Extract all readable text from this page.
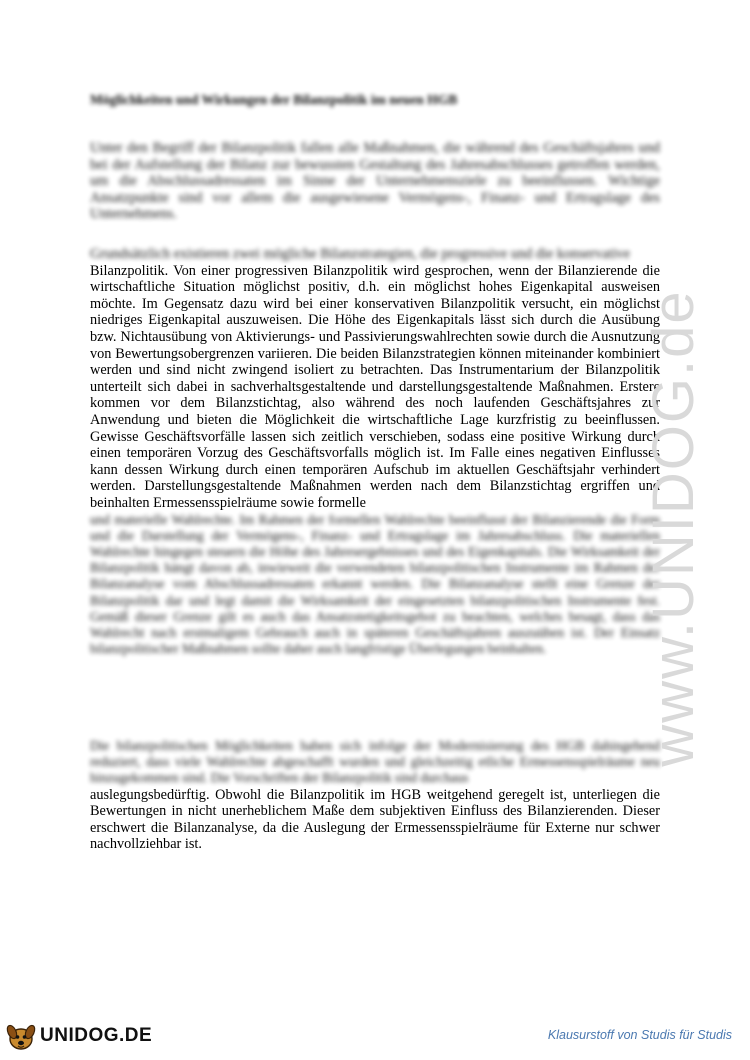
Möglichkeiten und Wirkungen der Bilanzpolitik im neuen HGB
Unter den Begriff der Bilanzpolitik fallen alle Maßnahmen, die während des Geschäftsjahres und bei der Aufstellung der Bilanz zur bewussten Gestaltung des Jahresabschlusses getroffen werden, um die Abschlussadressaten im Sinne der Unternehmensziele zu beeinflussen. Wichtige Ansatzpunkte sind vor allem die ausgewiesene Vermögens-, Finanz- und Ertragslage des Unternehmens.
Grundsätzlich existieren zwei mögliche Bilanzstrategien, die progressive und die konservative
Bilanzpolitik. Von einer progressiven Bilanzpolitik wird gesprochen, wenn der Bilanzierende die wirtschaftliche Situation möglichst positiv, d.h. ein möglichst hohes Eigenkapital ausweisen möchte. Im Gegensatz dazu wird bei einer konservativen Bilanzpolitik versucht, ein möglichst niedriges Eigenkapital auszuweisen. Die Höhe des Eigenkapitals lässt sich durch die Ausübung bzw. Nichtausübung von Aktivierungs- und Passivierungswahlrechten sowie durch die Ausnutzung von Bewertungsobergrenzen variieren. Die beiden Bilanzstrategien können miteinander kombiniert werden und sind nicht zwingend isoliert zu betrachten. Das Instrumentarium der Bilanzpolitik unterteilt sich dabei in sachverhaltsgestaltende und darstellungsgestaltende Maßnahmen. Erstere kommen vor dem Bilanzstichtag, also während des noch laufenden Geschäftsjahres zur Anwendung und bieten die Möglichkeit die wirtschaftliche Lage kurzfristig zu beeinflussen. Gewisse Geschäftsvorfälle lassen sich zeitlich verschieben, sodass eine positive Wirkung durch einen temporären Vorzug des Geschäftsvorfalls möglich ist. Im Falle eines negativen Einflusses kann dessen Wirkung durch einen temporären Aufschub im aktuellen Geschäftsjahr verhindert werden. Darstellungsgestaltende Maßnahmen werden nach dem Bilanzstichtag ergriffen und beinhalten Ermessensspielräume sowie formelle
und materielle Wahlrechte. Im Rahmen der formellen Wahlrechte beeinflusst der Bilanzierende die Form und die Darstellung der Vermögens-, Finanz- und Ertragslage im Jahresabschluss. Die materiellen Wahlrechte hingegen steuern die Höhe des Jahresergebnisses und des Eigenkapitals. Die Wirksamkeit der Bilanzpolitik hängt davon ab, inwieweit die verwendeten bilanzpolitischen Instrumente im Rahmen der Bilanzanalyse vom Abschlussadressaten erkannt werden. Die Bilanzanalyse stellt eine Grenze der Bilanzpolitik dar und legt damit die Wirksamkeit der eingesetzten bilanzpolitischen Instrumente fest. Gemäß dieser Grenze gilt es auch das Ansatzstetigkeitsgebot zu beachten, welches besagt, dass das Wahlrecht nach erstmaligem Gebrauch auch in späteren Geschäftsjahren auszuüben ist. Der Einsatz bilanzpolitischer Maßnahmen sollte daher auch langfristige Überlegungen beinhalten.
Die bilanzpolitischen Möglichkeiten haben sich infolge der Modernisierung des HGB dahingehend reduziert, dass viele Wahlrechte abgeschafft wurden und gleichzeitig etliche Ermessensspielräume neu hinzugekommen sind. Die Vorschriften der Bilanzpolitik sind durchaus
auslegungsbedürftig. Obwohl die Bilanzpolitik im HGB weitgehend geregelt ist, unterliegen die Bewertungen in nicht unerheblichem Maße dem subjektiven Einfluss des Bilanzierenden. Dieser erschwert die Bilanzanalyse, da die Auslegung der Ermessensspielräume für Externe nur schwer nachvollziehbar ist.
www.UNIDOG.de
UNIDOG.DE	Klausurstoff von Studis für Studis
